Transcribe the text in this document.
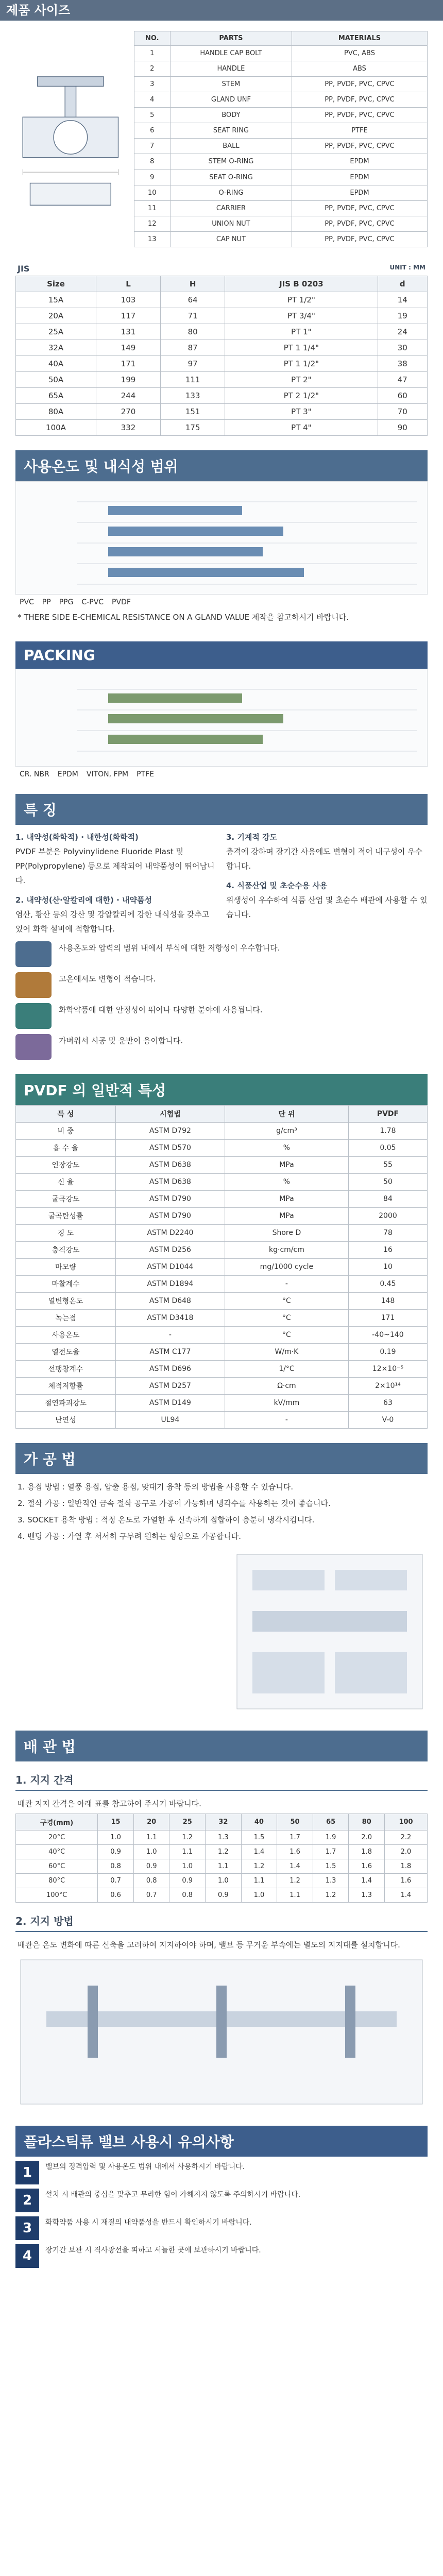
제품 사이즈
NO.	PARTS	MATERIALS
1	HANDLE CAP BOLT	PVC, ABS
2	HANDLE	ABS
3	STEM	PP, PVDF, PVC, CPVC
4	GLAND UNF	PP, PVDF, PVC, CPVC
5	BODY	PP, PVDF, PVC, CPVC
6	SEAT RING	PTFE
7	BALL	PP, PVDF, PVC, CPVC
8	STEM O-RING	EPDM
9	SEAT O-RING	EPDM
10	O-RING	EPDM
11	CARRIER	PP, PVDF, PVC, CPVC
12	UNION NUT	PP, PVDF, PVC, CPVC
13	CAP NUT	PP, PVDF, PVC, CPVC
JIS	UNIT : MM
Size	L	H	JIS B 0203	d
15A	103	64	PT 1/2"	14
20A	117	71	PT 3/4"	19
25A	131	80	PT 1"	24
32A	149	87	PT 1 1/4"	30
40A	171	97	PT 1 1/2"	38
50A	199	111	PT 2"	47
65A	244	133	PT 2 1/2"	60
80A	270	151	PT 3"	70
100A	332	175	PT 4"	90
사용온도 및 내식성 범위
PVC PP PPG C-PVC PVDF
* THERE SIDE E-CHEMICAL RESISTANCE ON A GLAND VALUE 제작을 참고하시기 바랍니다.
PACKING
CR. NBR EPDM VITON, FPM PTFE
특 징
1. 내약성(화학적) · 내한성(화학적)
PVDF 부분은 Polyvinylidene Fluoride Plast 및 PP(Polypropylene) 등으로 제작되어 내약품성이 뛰어납니다.
2. 내약성(산·알칼리에 대한) · 내약품성
염산, 황산 등의 강산 및 강알칼리에 강한 내식성을 갖추고 있어 화학 설비에 적합합니다.
3. 기계적 강도
충격에 강하며 장기간 사용에도 변형이 적어 내구성이 우수합니다.
4. 식품산업 및 초순수용 사용
위생성이 우수하여 식품 산업 및 초순수 배관에 사용할 수 있습니다.
사용온도와 압력의 범위 내에서 부식에 대한 저항성이 우수합니다.
고온에서도 변형이 적습니다.
화학약품에 대한 안정성이 뛰어나 다양한 분야에 사용됩니다.
가벼워서 시공 및 운반이 용이합니다.
PVDF 의 일반적 특성
특 성	시험법	단 위	PVDF
비 중	ASTM D792	g/cm³	1.78
흡 수 율	ASTM D570	%	0.05
인장강도	ASTM D638	MPa	55
신 율	ASTM D638	%	50
굴곡강도	ASTM D790	MPa	84
굴곡탄성률	ASTM D790	MPa	2000
경 도	ASTM D2240	Shore D	78
충격강도	ASTM D256	kg·cm/cm	16
마모량	ASTM D1044	mg/1000 cycle	10
마찰계수	ASTM D1894	-	0.45
열변형온도	ASTM D648	°C	148
녹는점	ASTM D3418	°C	171
사용온도	-	°C	-40~140
열전도율	ASTM C177	W/m·K	0.19
선팽창계수	ASTM D696	1/°C	12×10⁻⁵
체적저항률	ASTM D257	Ω·cm	2×10¹⁴
절연파괴강도	ASTM D149	kV/mm	63
난연성	UL94	-	V-0
가 공 법
1. 용접 방법 : 열풍 용접, 압출 용접, 맞대기 융착 등의 방법을 사용할 수 있습니다.
2. 절삭 가공 : 일반적인 금속 절삭 공구로 가공이 가능하며 냉각수를 사용하는 것이 좋습니다.
3. SOCKET 용착 방법 : 적정 온도로 가열한 후 신속하게 접합하여 충분히 냉각시킵니다.
4. 밴딩 가공 : 가열 후 서서히 구부려 원하는 형상으로 가공합니다.
배 관 법
1. 지지 간격
배관 지지 간격은 아래 표를 참고하여 주시기 바랍니다.
구경(mm)	15	20	25	32	40	50	65	80	100
20°C	1.0	1.1	1.2	1.3	1.5	1.7	1.9	2.0	2.2
40°C	0.9	1.0	1.1	1.2	1.4	1.6	1.7	1.8	2.0
60°C	0.8	0.9	1.0	1.1	1.2	1.4	1.5	1.6	1.8
80°C	0.7	0.8	0.9	1.0	1.1	1.2	1.3	1.4	1.6
100°C	0.6	0.7	0.8	0.9	1.0	1.1	1.2	1.3	1.4
2. 지지 방법
배관은 온도 변화에 따른 신축을 고려하여 지지하여야 하며, 밸브 등 무거운 부속에는 별도의 지지대를 설치합니다.
플라스틱류 밸브 사용시 유의사항
1	밸브의 정격압력 및 사용온도 범위 내에서 사용하시기 바랍니다.
2	설치 시 배관의 중심을 맞추고 무리한 힘이 가해지지 않도록 주의하시기 바랍니다.
3	화학약품 사용 시 재질의 내약품성을 반드시 확인하시기 바랍니다.
4	장기간 보관 시 직사광선을 피하고 서늘한 곳에 보관하시기 바랍니다.
